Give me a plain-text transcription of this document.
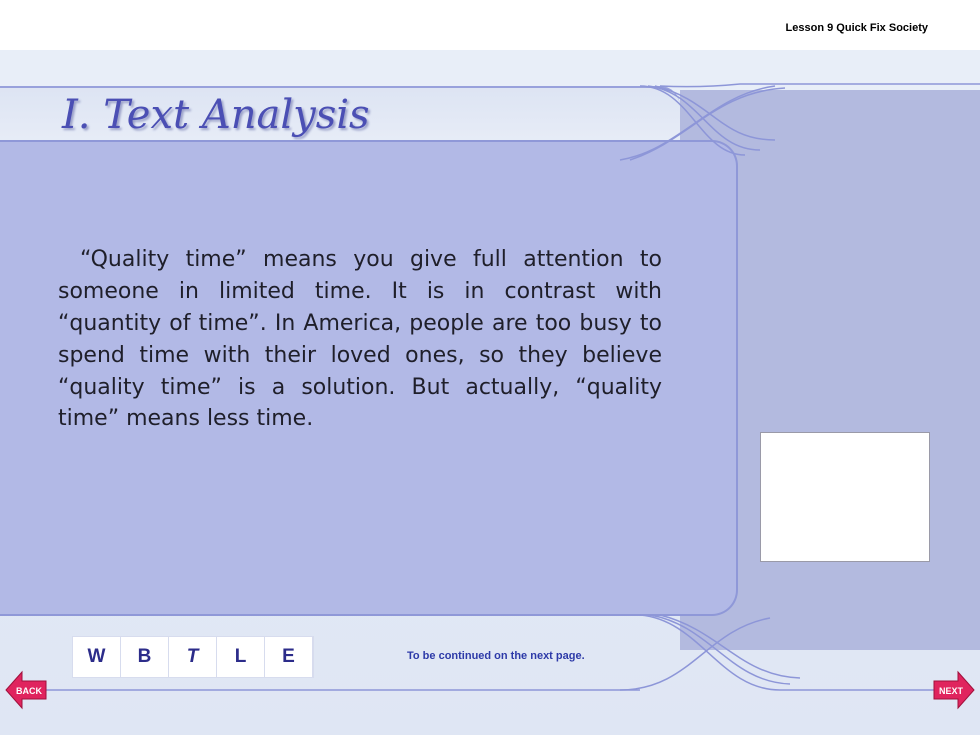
Lesson 9 Quick Fix Society
I. Text Analysis

“Quality time” means you give full attention to someone in limited time. It is in contrast with “quantity of time”. In America, people are too busy to spend time with their loved ones, so they believe “quality time” is a solution. But actually, “quality time” means less time.

W	B	T	L	E	To be continued on the next page.
BACK	NEXT
